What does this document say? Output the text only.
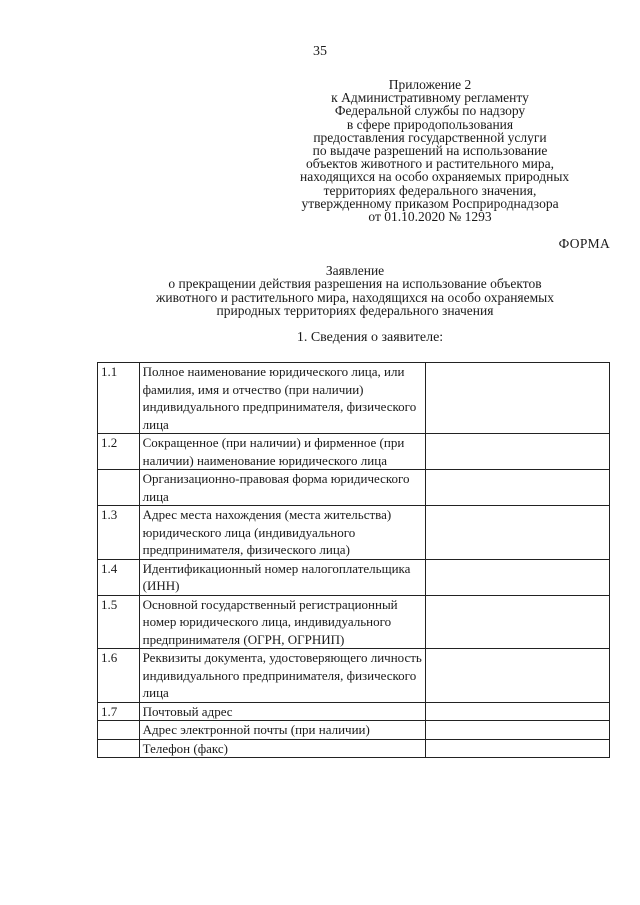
35
Приложение 2
к Административному регламенту
Федеральной службы по надзору
в сфере природопользования
предоставления государственной услуги
по выдаче разрешений на использование
объектов животного и растительного мира,
находящихся на особо охраняемых природных
территориях федерального значения,
утвержденному приказом Росприроднадзора
от 01.10.2020 № 1293
ФОРМА
Заявление
о прекращении действия разрешения на использование объектов
животного и растительного мира, находящихся на особо охраняемых
природных территориях федерального значения
1. Сведения о заявителе:
1.1	Полное наименование юридического лица, или фамилия, имя и отчество (при наличии) индивидуального предпринимателя, физического лица	
1.2	Сокращенное (при наличии) и фирменное (при наличии) наименование юридического лица	
	Организационно-правовая форма юридического лица	
1.3	Адрес места нахождения (места жительства) юридического лица (индивидуального предпринимателя, физического лица)	
1.4	Идентификационный номер налогоплательщика (ИНН)	
1.5	Основной государственный регистрационный номер юридического лица, индивидуального предпринимателя (ОГРН, ОГРНИП)	
1.6	Реквизиты документа, удостоверяющего личность индивидуального предпринимателя, физического лица	
1.7	Почтовый адрес	
	Адрес электронной почты (при наличии)	
	Телефон (факс)	
